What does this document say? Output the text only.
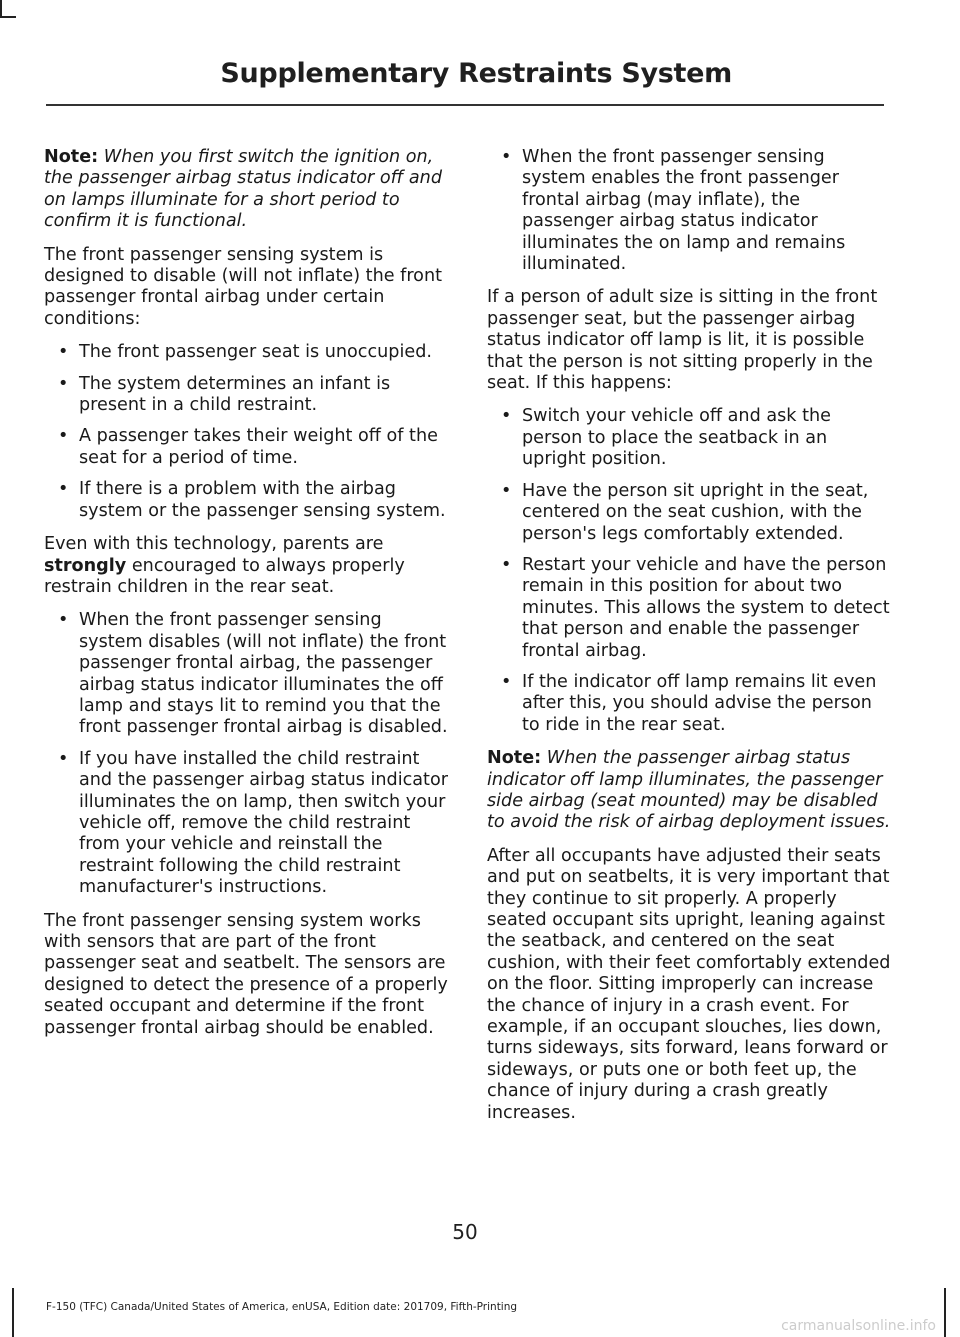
Supplementary Restraints System

Note: When you first switch the ignition on, the passenger airbag status indicator off and on lamps illuminate for a short period to confirm it is functional.

The front passenger sensing system is designed to disable (will not inflate) the front passenger frontal airbag under certain conditions:

• The front passenger seat is unoccupied.
• The system determines an infant is present in a child restraint.
• A passenger takes their weight off of the seat for a period of time.
• If there is a problem with the airbag system or the passenger sensing system.

Even with this technology, parents are strongly encouraged to always properly restrain children in the rear seat.

• When the front passenger sensing system disables (will not inflate) the front passenger frontal airbag, the passenger airbag status indicator illuminates the off lamp and stays lit to remind you that the front passenger frontal airbag is disabled.
• If you have installed the child restraint and the passenger airbag status indicator illuminates the on lamp, then switch your vehicle off, remove the child restraint from your vehicle and reinstall the restraint following the child restraint manufacturer's instructions.

The front passenger sensing system works with sensors that are part of the front passenger seat and seatbelt. The sensors are designed to detect the presence of a properly seated occupant and determine if the front passenger frontal airbag should be enabled.

• When the front passenger sensing system enables the front passenger frontal airbag (may inflate), the passenger airbag status indicator illuminates the on lamp and remains illuminated.

If a person of adult size is sitting in the front passenger seat, but the passenger airbag status indicator off lamp is lit, it is possible that the person is not sitting properly in the seat. If this happens:

• Switch your vehicle off and ask the person to place the seatback in an upright position.
• Have the person sit upright in the seat, centered on the seat cushion, with the person's legs comfortably extended.
• Restart your vehicle and have the person remain in this position for about two minutes. This allows the system to detect that person and enable the passenger frontal airbag.
• If the indicator off lamp remains lit even after this, you should advise the person to ride in the rear seat.

Note: When the passenger airbag status indicator off lamp illuminates, the passenger side airbag (seat mounted) may be disabled to avoid the risk of airbag deployment issues.

After all occupants have adjusted their seats and put on seatbelts, it is very important that they continue to sit properly. A properly seated occupant sits upright, leaning against the seatback, and centered on the seat cushion, with their feet comfortably extended on the floor. Sitting improperly can increase the chance of injury in a crash event. For example, if an occupant slouches, lies down, turns sideways, sits forward, leans forward or sideways, or puts one or both feet up, the chance of injury during a crash greatly increases.

50
F-150 (TFC) Canada/United States of America, enUSA, Edition date: 201709, Fifth-Printing
carmanualsonline.info
